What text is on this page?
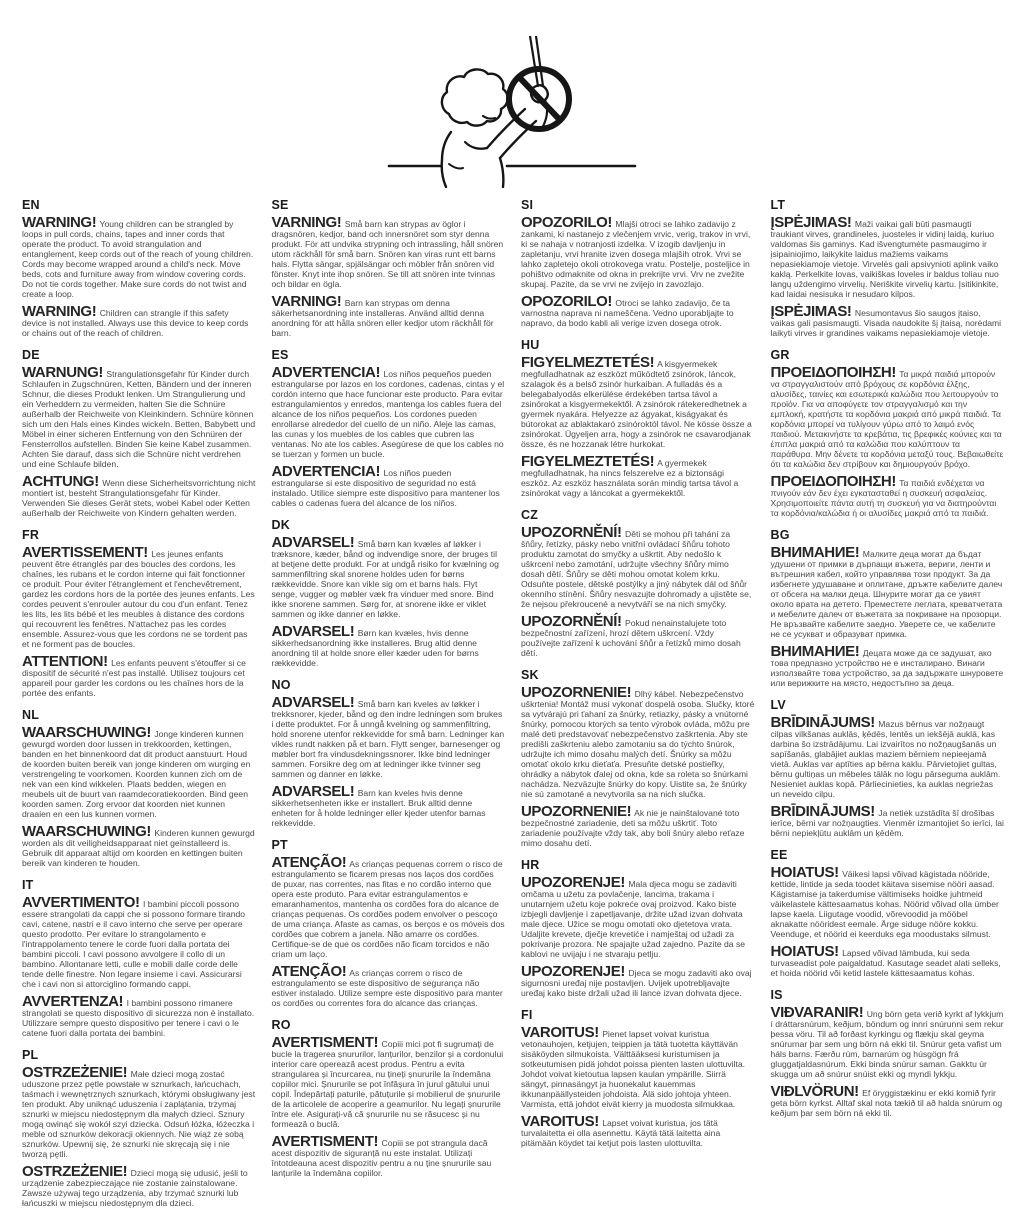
EN

WARNING! Young children can be strangled by loops in pull cords, chains, tapes and inner cords that operate the product. To avoid strangulation and entanglement, keep cords out of the reach of young children. Cords may become wrapped around a child's neck. Move beds, cots and furniture away from window covering cords. Do not tie cords together. Make sure cords do not twist and create a loop.

WARNING! Children can strangle if this safety device is not installed. Always use this device to keep cords or chains out of the reach of children.

DE

WARNUNG! Strangulationsgefahr für Kinder durch Schlaufen in Zugschnüren, Ketten, Bändern und der inneren Schnur, die dieses Produkt lenken. Um Strangulierung und ein Verheddern zu vermeiden, halten Sie die Schnüre außerhalb der Reichweite von Kleinkindern. Schnüre können sich um den Hals eines Kindes wickeln. Betten, Babybett und Möbel in einer sicheren Entfernung von den Schnüren der Fensterrollos aufstellen. Binden Sie keine Kabel zusammen. Achten Sie darauf, dass sich die Schnüre nicht verdrehen und eine Schlaufe bilden.

ACHTUNG! Wenn diese Sicherheitsvorrichtung nicht montiert ist, besteht Strangulationsgefahr für Kinder. Verwenden Sie dieses Gerät stets, wobei Kabel oder Ketten außerhalb der Reichweite von Kindern gehalten werden.

FR

AVERTISSEMENT! Les jeunes enfants peuvent être étranglés par des boucles des cordons, les chaînes, les rubans et le cordon interne qui fait fonctionner ce produit. Pour éviter l'étranglement et l'enchevêtrement, gardez les cordons hors de la portée des jeunes enfants. Les cordes peuvent s'enrouler autour du cou d'un enfant. Tenez les lits, les lits bébé et les meubles à distance des cordons qui recouvrent les fenêtres. N'attachez pas les cordes ensemble. Assurez-vous que les cordons ne se tordent pas et ne forment pas de boucles.

ATTENTION! Les enfants peuvent s'étouffer si ce dispositif de sécurité n'est pas installé. Utilisez toujours cet appareil pour garder les cordons ou les chaînes hors de la portée des enfants.

NL

WAARSCHUWING! Jonge kinderen kunnen gewurgd worden door lussen in trekkoorden, kettingen, banden en het binnenkoord dat dit product aanstuurt. Houd de koorden buiten bereik van jonge kinderen om wurging en verstrengeling te voorkomen. Koorden kunnen zich om de nek van een kind wikkelen. Plaats bedden, wiegen en meubels uit de buurt van raamdecoratiekoorden. Bind geen koorden samen. Zorg ervoor dat koorden niet kunnen draaien en een lus kunnen vormen.

WAARSCHUWING! Kinderen kunnen gewurgd worden als dit veiligheidsapparaat niet geïnstalleerd is. Gebruik dit apparaat altijd om koorden en kettingen buiten bereik van kinderen te houden.

IT

AVVERTIMENTO! I bambini piccoli possono essere strangolati da cappi che si possono formare tirando cavi, catene, nastri e il cavo interno che serve per operare questo prodotto. Per evitare lo strangolamento e l'intrappolamento tenere le corde fuori dalla portata dei bambini piccoli. I cavi possono avvolgere il collo di un bambino. Allontanare letti, culle e mobili dalle corde delle tende delle finestre. Non legare insieme i cavi. Assicurarsi che i cavi non si attorciglino formando cappi.

AVVERTENZA! I bambini possono rimanere strangolati se questo dispositivo di sicurezza non è installato. Utilizzare sempre questo dispositivo per tenere i cavi o le catene fuori dalla portata dei bambini.

PL

OSTRZEŻENIE! Małe dzieci mogą zostać uduszone przez pętle powstałe w sznurkach, łańcuchach, taśmach i wewnętrznych sznurkach, którymi obsługiwany jest ten produkt. Aby uniknąć uduszenia i zaplątania, trzymaj sznurki w miejscu niedostępnym dla małych dzieci. Sznury mogą owinąć się wokół szyi dziecka. Odsuń łóżka, łóżeczka i meble od sznurków dekoracji okiennych. Nie wiąż ze sobą sznurków. Upewnij się, że sznurki nie skręcają się i nie tworzą pętli.

OSTRZEŻENIE! Dzieci mogą się udusić, jeśli to urządzenie zabezpieczające nie zostanie zainstalowane. Zawsze używaj tego urządzenia, aby trzymać sznurki lub łańcuszki w miejscu niedostępnym dla dzieci.

SE

VARNING! Små barn kan strypas av öglor i dragsnören, kedjor, band och innersnöret som styr denna produkt. För att undvika strypning och intrassling, håll snören utom räckhåll för små barn. Snören kan viras runt ett barns hals. Flytta sängar, spjälsängar och möbler från snören vid fönster. Knyt inte ihop snören. Se till att snören inte tvinnas och bildar en ögla.

VARNING! Barn kan strypas om denna säkerhetsanordning inte installeras. Använd alltid denna anordning för att hålla snören eller kedjor utom räckhåll för barn.

ES

ADVERTENCIA! Los niños pequeños pueden estrangularse por lazos en los cordones, cadenas, cintas y el cordón interno que hace funcionar este producto. Para evitar estrangulamientos y enredos, mantenga los cables fuera del alcance de los niños pequeños. Los cordones pueden enrollarse alrededor del cuello de un niño. Aleje las camas, las cunas y los muebles de los cables que cubren las ventanas. No ate los cables. Asegúrese de que los cables no se tuerzan y formen un bucle.

ADVERTENCIA! Los niños pueden estrangularse si este dispositivo de seguridad no está instalado. Utilice siempre este dispositivo para mantener los cables o cadenas fuera del alcance de los niños.

DK

ADVARSEL! Små børn kan kvæles af løkker i træksnore, kæder, bånd og indvendige snore, der bruges til at betjene dette produkt. For at undgå risiko for kvælning og sammenfiltring skal snorene holdes uden for børns rækkevidde. Snore kan vikle sig om et barns hals. Flyt senge, vugger og møbler væk fra vinduer med snore. Bind ikke snorene sammen. Sørg for, at snorene ikke er viklet sammen og ikke danner en løkke.

ADVARSEL! Børn kan kvæles, hvis denne sikkerhedsanordning ikke installeres. Brug altid denne anordning til at holde snore eller kæder uden for børns rækkevidde.

NO

ADVARSEL! Små barn kan kveles av løkker i trekksnorer, kjeder, bånd og den indre ledningen som brukes i dette produktet. For å unngå kvelning og sammenfiltring, hold snorene utenfor rekkevidde for små barn. Ledninger kan vikles rundt nakken på et barn. Flytt senger, barnesenger og møbler bort fra vindusdekningssnorer. Ikke bind ledninger sammen. Forsikre deg om at ledninger ikke tvinner seg sammen og danner en løkke.

ADVARSEL! Barn kan kveles hvis denne sikkerhetsenheten ikke er installert. Bruk alltid denne enheten for å holde ledninger eller kjeder utenfor barnas rekkevidde.

PT

ATENÇÃO! As crianças pequenas correm o risco de estrangulamento se ficarem presas nos laços dos cordões de puxar, nas correntes, nas fitas e no cordão interno que opera este produto. Para evitar estrangulamentos e emaranhamentos, mantenha os cordões fora do alcance de crianças pequenas. Os cordões podem envolver o pescoço de uma criança. Afaste as camas, os berços e os móveis dos cordões que cobrem a janela. Não amarre os cordões. Certifique-se de que os cordões não ficam torcidos e não criam um laço.

ATENÇÃO! As crianças correm o risco de estrangulamento se este dispositivo de segurança não estiver instalado. Utilize sempre este dispositivo para manter os cordões ou correntes fora do alcance das crianças.

RO

AVERTISMENT! Copiii mici pot fi sugrumați de bucle la tragerea șnururilor, lanțurilor, benzilor și a cordonului interior care operează acest produs. Pentru a evita strangularea și încurcarea, nu țineți șnururile la îndemâna copiilor mici. Șnururile se pot înfășura în jurul gâtului unui copil. Îndepărtați paturile, pătuțurile și mobilierul de șnururile de la articolele de acoperire a geamurilor. Nu legați șnururile între ele. Asigurați-vă că șnururile nu se răsucesc și nu formează o buclă.

AVERTISMENT! Copiii se pot strangula dacă acest dispozitiv de siguranță nu este instalat. Utilizați întotdeauna acest dispozitiv pentru a nu ține șnururile sau lanțurile la îndemâna copiilor.

SI

OPOZORILO! Mlajši otroci se lahko zadavijo z zankami, ki nastanejo z vlečenjem vrvic, verig, trakov in vrvi, ki se nahaja v notranjosti izdelka. V izogib davljenju in zapletanju, vrvi hranite izven dosega mlajših otrok. Vrvi se lahko zapletejo okoli otrokovega vratu. Postelje, posteljice in pohištvo odmaknite od okna in prekrijte vrvi. Vrv ne zvežite skupaj. Pazite, da se vrvi ne zvijejo in zavozlajo.

OPOZORILO! Otroci se lahko zadavijo, če ta varnostna naprava ni nameščena. Vedno uporabljajte to napravo, da bodo kabli ali verige izven dosega otrok.

HU

FIGYELMEZTETÉS! A kisgyermekek megfulladhatnak az eszközt működtető zsinórok, láncok, szalagok és a belső zsinór hurkaiban. A fulladás és a belegabalyodás elkerülése érdekében tartsa távol a zsinórokat a kisgyermekektől. A zsinórok rátekeredhetnek a gyermek nyakára. Helyezze az ágyakat, kiságyakat és bútorokat az ablaktakaró zsinóroktól távol. Ne kösse össze a zsinórokat. Ügyeljen arra, hogy a zsinórok ne csavarodjanak össze, és ne hozzanak létre hurkokat.

FIGYELMEZTETÉS! A gyermekek megfulladhatnak, ha nincs felszerelve ez a biztonsági eszköz. Az eszköz használata során mindig tartsa távol a zsinórokat vagy a láncokat a gyermekektől.

CZ

UPOZORNĚNÍ! Děti se mohou při tahání za šňůry, řetízky, pásky nebo vnitřní ovládací šňůru tohoto produktu zamotat do smyčky a uškrtit. Aby nedošlo k uškrcení nebo zamotání, udržujte všechny šňůry mimo dosah dětí. Šňůry se děti mohou omotat kolem krku. Odsuňte postele, dětské postýlky a jiný nábytek dál od šňůr okenního stínění. Šňůry nesvazujte dohromady a ujistěte se, že nejsou překroucené a nevytváří se na nich smyčky.

UPOZORNĚNÍ! Pokud nenainstalujete toto bezpečnostní zařízení, hrozí dětem uškrcení. Vždy používejte zařízení k uchování šňůr a řetízků mimo dosah dětí.

SK

UPOZORNENIE! Dlhý kábel. Nebezpečenstvo uškrtenia! Montáž musí vykonať dospelá osoba. Slučky, ktoré sa vytvárajú pri ťahaní za šnúrky, retiazky, pásky a vnútorné šnúrky, pomocou ktorých sa tento výrobok ovláda, môžu pre malé deti predstavovať nebezpečenstvo zaškrtenia. Aby ste predišli zaškrteniu alebo zamotaniu sa do týchto šnúrok, udržujte ich mimo dosahu malých detí. Šnúrky sa môžu omotať okolo krku dieťaťa. Presuňte detské postieľky, ohrádky a nábytok ďalej od okna, kde sa roleta so šnúrkami nachádza. Nezväzujte šnúrky do kopy. Uistite sa, že šnúrky nie sú zamotané a nevytvorila sa na nich slučka.

UPOZORNENIE! Ak nie je nainštalované toto bezpečnostné zariadenie, deti sa môžu uškrtiť. Toto zariadenie používajte vždy tak, aby boli šnúry alebo reťaze mimo dosahu detí.

HR

UPOZORENJE! Mala djeca mogu se zadaviti omčama u užetu za povlačenje, lancima, trakama i unutarnjem užetu koje pokreće ovaj proizvod. Kako biste izbjegli davljenje i zapetljavanje, držite užad izvan dohvata male djece. Užice se mogu omotati oko djetetova vrata. Udaljite krevete, dječje krevetiće i namještaj od užadi za pokrivanje prozora. Ne spajajte užad zajedno. Pazite da se kablovi ne uvijaju i ne stvaraju petlju.

UPOZORENJE! Djeca se mogu zadaviti ako ovaj sigurnosni uređaj nije postavljen. Uvijek upotrebljavajte uređaj kako biste držali užad ili lance izvan dohvata djece.

FI

VAROITUS! Pienet lapset voivat kuristua vetonauhojen, ketjujen, teippien ja tätä tuotetta käyttävän sisäköyden silmukoista. Välttääksesi kuristumisen ja sotkeutumisen pidä johdot poissa pienten lasten ulottuvilta. Johdot voivat kietoutua lapsen kaulan ympärille. Siirrä sängyt, pinnasängyt ja huonekalut kauemmas ikkunanpäällysteiden johdoista. Älä sido johtoja yhteen. Varmista, että johdot eivät kierry ja muodosta silmukkaa.

VAROITUS! Lapset voivat kuristua, jos tätä turvalaitetta ei olla asennettu. Käytä tätä laitetta aina pitämään köydet tai ketjut pois lasten ulottuvilta.

LT

ĮSPĖJIMAS! Maži vaikai gali būti pasmaugti traukiant virves, grandineles, juosteles ir vidinį laidą, kuriuo valdomas šis gaminys. Kad išvengtumėte pasmaugimo ir įsipainiojimo, laikykite laidus mažiems vaikams nepasiekiamoje vietoje. Virvelės gali apsivynioti aplink vaiko kaklą. Perkelkite lovas, vaikiškas loveles ir baldus toliau nuo langų uždengimo virvelių. Neriškite virvelių kartu. Įsitikinkite, kad laidai nesisuka ir nesudaro kilpos.

ĮSPĖJIMAS! Nesumontavus šio saugos įtaiso, vaikas gali pasismaugti. Visada naudokite šį įtaisą, norėdami laikyti virves ir grandines vaikams nepasiekiamoje vietoje.

GR

ΠΡΟΕΙΔΟΠΟΙΗΣΗ! Τα μικρά παιδιά μπορούν να στραγγαλιστούν από βρόχους σε κορδόνια έλξης, αλυσίδες, ταινίες και εσωτερικά καλώδια που λειτουργούν το προϊόν. Για να αποφύγετε τον στραγγαλισμό και την εμπλοκή, κρατήστε τα κορδόνια μακριά από μικρά παιδιά. Τα κορδόνια μπορεί να τυλίγουν γύρω από το λαιμό ενός παιδιού. Μετακινήστε τα κρεβάτια, τις βρεφικές κούνιες και τα έπιπλα μακριά από τα καλώδια που καλύπτουν τα παράθυρα. Μην δένετε τα κορδόνια μεταξύ τους. Βεβαιωθείτε ότι τα καλώδια δεν στρίβουν και δημιουργούν βρόχο.

ΠΡΟΕΙΔΟΠΟΙΗΣΗ! Τα παιδιά ενδέχεται να πνιγούν εάν δεν έχει εγκατασταθεί η συσκευή ασφαλείας. Χρησιμοποιείτε πάντα αυτή τη συσκευή για να διατηρούνται τα κορδόνια/καλώδια ή οι αλυσίδες μακριά από τα παιδιά.

BG

ВНИМАНИЕ! Малките деца могат да бъдат удушени от примки в дърпащи въжета, вериги, ленти и вътрешния кабел, който управлява този продукт. За да избегнете удушаване и оплитане, дръжте кабелите далеч от обсега на малки деца. Шнурите могат да се увият около врата на детето. Преместете леглата, креватчетата и мебелите далеч от въжетата за покриване на прозорци. Не връзвайте кабелите заедно. Уверете се, че кабелите не се усукват и образуват примка.

ВНИМАНИЕ! Децата може да се задушат, ако това предпазно устройство не е инсталирано. Винаги използвайте това устройство, за да задържате шнуровете или верижките на място, недостъпно за деца.

LV

BRĪDINĀJUMS! Mazus bērnus var nožņaugt cilpas vilkšanas auklās, ķēdēs, lentēs un iekšējā auklā, kas darbina šo izstrādājumu. Lai izvairītos no nožņaugšanās un sapīšanās, glabājiet auklas maziem bērniem nepieejamā vietā. Auklas var aptīties ap bērna kaklu. Pārvietojiet gultas, bērnu gultiņas un mēbeles tālāk no logu pārseguma auklām. Nesieniet auklas kopā. Pārliecinieties, ka auklas negriežas un neveido cilpu.

BRĪDINĀJUMS! Ja netiek uzstādīta šī drošības ierīce, bērni var nožņaugties. Vienmēr izmantojiet šo ierīci, lai bērni nepiekļūtu auklām un ķēdēm.

EE

HOIATUS! Väikesi lapsi võivad kägistada nööride, kettide, lintide ja seda toodet käitava sisemise nööri aasad. Kägistamise ja takerdumise vältimiseks hoidke juhtmeid väikelastele kättesaamatus kohas. Nöörid võivad olla ümber lapse kaela. Liigutage voodid, võrevoodid ja mööbel aknakatte nööridest eemale. Ärge siduge nööre kokku. Veenduge, et nöörid ei keerduks ega moodustaks silmust.

HOIATUS! Lapsed võivad lämbuda, kui seda turvaseadist pole paigaldatud. Kasutage seadet alati selleks, et hoida nöörid või ketid lastele kättesaamatus kohas.

IS

VIÐVARANIR! Ung börn geta verið kyrkt af lykkjum í dráttarsnúrum, keðjum, böndum og innri snúrunni sem rekur þessa vöru. Til að forðast kyrkingu og flækju skal geyma snúrurnar þar sem ung börn ná ekki til. Snúrur geta vafist um háls barns. Færðu rúm, barnarúm og húsgögn frá gluggatjaldasnúrum. Ekki binda snúrur saman. Gakktu úr skugga um að snúrur snúist ekki og myndi lykkju.

VIÐLVÖRUN! Ef öryggistækinu er ekki komið fyrir geta börn kyrkst. Alltaf skal nota tækið til að halda snúrum og keðjum þar sem börn ná ekki til.
